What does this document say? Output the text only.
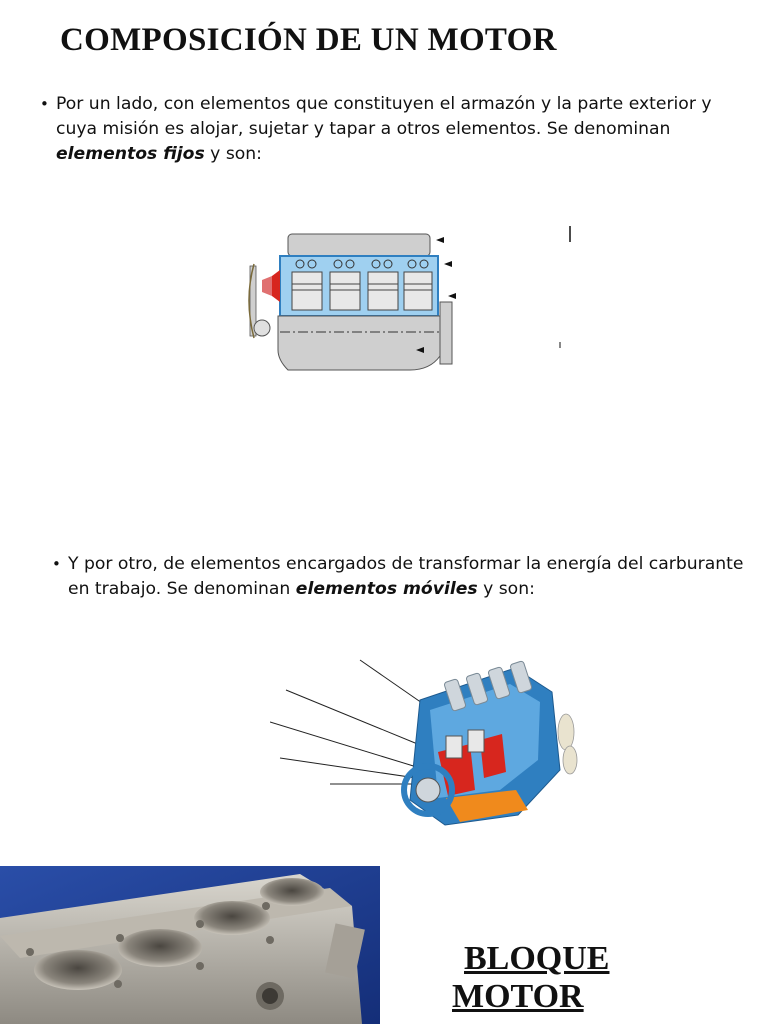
COMPOSICIÓN DE UN MOTOR
• Por un lado, con elementos que constituyen el armazón y la parte exterior y cuya misión es alojar, sujetar y tapar a otros elementos. Se denominan elementos fijos y son:
• Y por otro, de elementos encargados de transformar la energía del carburante en trabajo. Se denominan elementos móviles y son:
BLOQUE
MOTOR
